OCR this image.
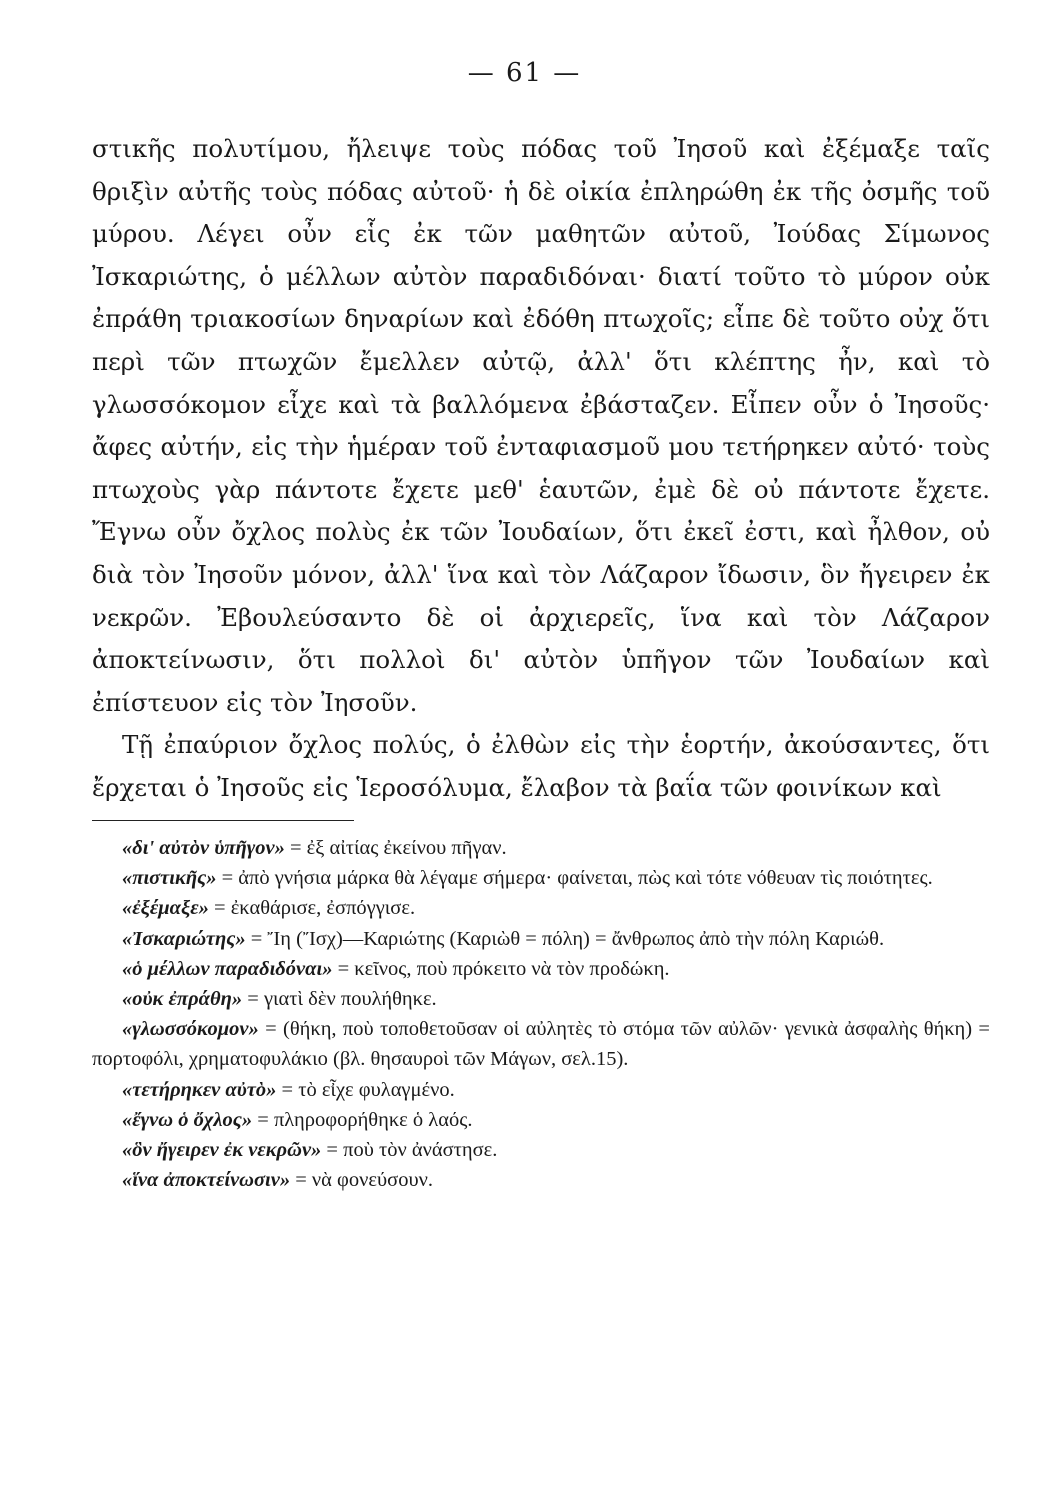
— 61 —

στικῆς πολυτίμου, ἤλειψε τοὺς πόδας τοῦ Ἰησοῦ καὶ ἐξέμαξε ταῖς θριξὶν αὐτῆς τοὺς πόδας αὐτοῦ· ἡ δὲ οἰκία ἐπληρώθη ἐκ τῆς ὀσμῆς τοῦ μύρου. Λέγει οὖν εἷς ἐκ τῶν μαθητῶν αὐτοῦ, Ἰούδας Σίμωνος Ἰσκαριώτης, ὁ μέλλων αὐτὸν παραδιδόναι· διατί τοῦτο τὸ μύρον οὐκ ἐπράθη τριακοσίων δηναρίων καὶ ἐδόθη πτωχοῖς; εἶπε δὲ τοῦτο οὐχ ὅτι περὶ τῶν πτωχῶν ἔμελλεν αὐτῷ, ἀλλ' ὅτι κλέπτης ἦν, καὶ τὸ γλωσσόκομον εἶχε καὶ τὰ βαλλόμενα ἐβάσταζεν. Εἶπεν οὖν ὁ Ἰησοῦς· ἄφες αὐτήν, εἰς τὴν ἡμέραν τοῦ ἐνταφιασμοῦ μου τετήρηκεν αὐτό· τοὺς πτωχοὺς γὰρ πάντοτε ἔχετε μεθ' ἑαυτῶν, ἐμὲ δὲ οὐ πάντοτε ἔχετε. Ἔγνω οὖν ὄχλος πολὺς ἐκ τῶν Ἰουδαίων, ὅτι ἐκεῖ ἐστι, καὶ ἦλθον, οὐ διὰ τὸν Ἰησοῦν μόνον, ἀλλ' ἵνα καὶ τὸν Λάζαρον ἴδωσιν, ὃν ἤγειρεν ἐκ νεκρῶν. Ἐβουλεύσαντο δὲ οἱ ἀρχιερεῖς, ἵνα καὶ τὸν Λάζαρον ἀποκτείνωσιν, ὅτι πολλοὶ δι' αὐτὸν ὑπῆγον τῶν Ἰουδαίων καὶ ἐπίστευον εἰς τὸν Ἰησοῦν.

Τῇ ἐπαύριον ὄχλος πολύς, ὁ ἐλθὼν εἰς τὴν ἑορτήν, ἀκούσαντες, ὅτι ἔρχεται ὁ Ἰησοῦς εἰς Ἱεροσόλυμα, ἔλαβον τὰ βαΐα τῶν φοινίκων καὶ

«δι' αὐτὸν ὑπῆγον» = ἐξ αἰτίας ἐκείνου πῆγαν.

«πιστικῆς» = ἀπὸ γνήσια μάρκα θὰ λέγαμε σήμερα· φαίνεται, πὼς καὶ τότε νόθευαν τὶς ποιότητες.

«ἐξέμαξε» = ἐκαθάρισε, ἐσπόγγισε.

«Ἰσκαριώτης» = Ἴη (Ἴσχ)—Καριώτης (Καριὼθ = πόλη) = ἄνθρωπος ἀπὸ τὴν πόλη Καριώθ.

«ὁ μέλλων παραδιδόναι» = κεῖνος, ποὺ πρόκειτο νὰ τὸν προδώκη.

«οὐκ ἐπράθη» = γιατὶ δὲν πουλήθηκε.

«γλωσσόκομον» = (θήκη, ποὺ τοποθετοῦσαν οἱ αὐλητὲς τὸ στόμα τῶν αὐλῶν· γενικὰ ἀσφαλὴς θήκη) = πορτοφόλι, χρηματοφυλάκιο (βλ. θησαυροὶ τῶν Μάγων, σελ.15).

«τετήρηκεν αὐτὸ» = τὸ εἶχε φυλαγμένο.

«ἔγνω ὁ ὄχλος» = πληροφορήθηκε ὁ λαός.

«ὃν ἤγειρεν ἐκ νεκρῶν» = ποὺ τὸν ἀνάστησε.

«ἵνα ἀποκτείνωσιν» = νὰ φονεύσουν.
